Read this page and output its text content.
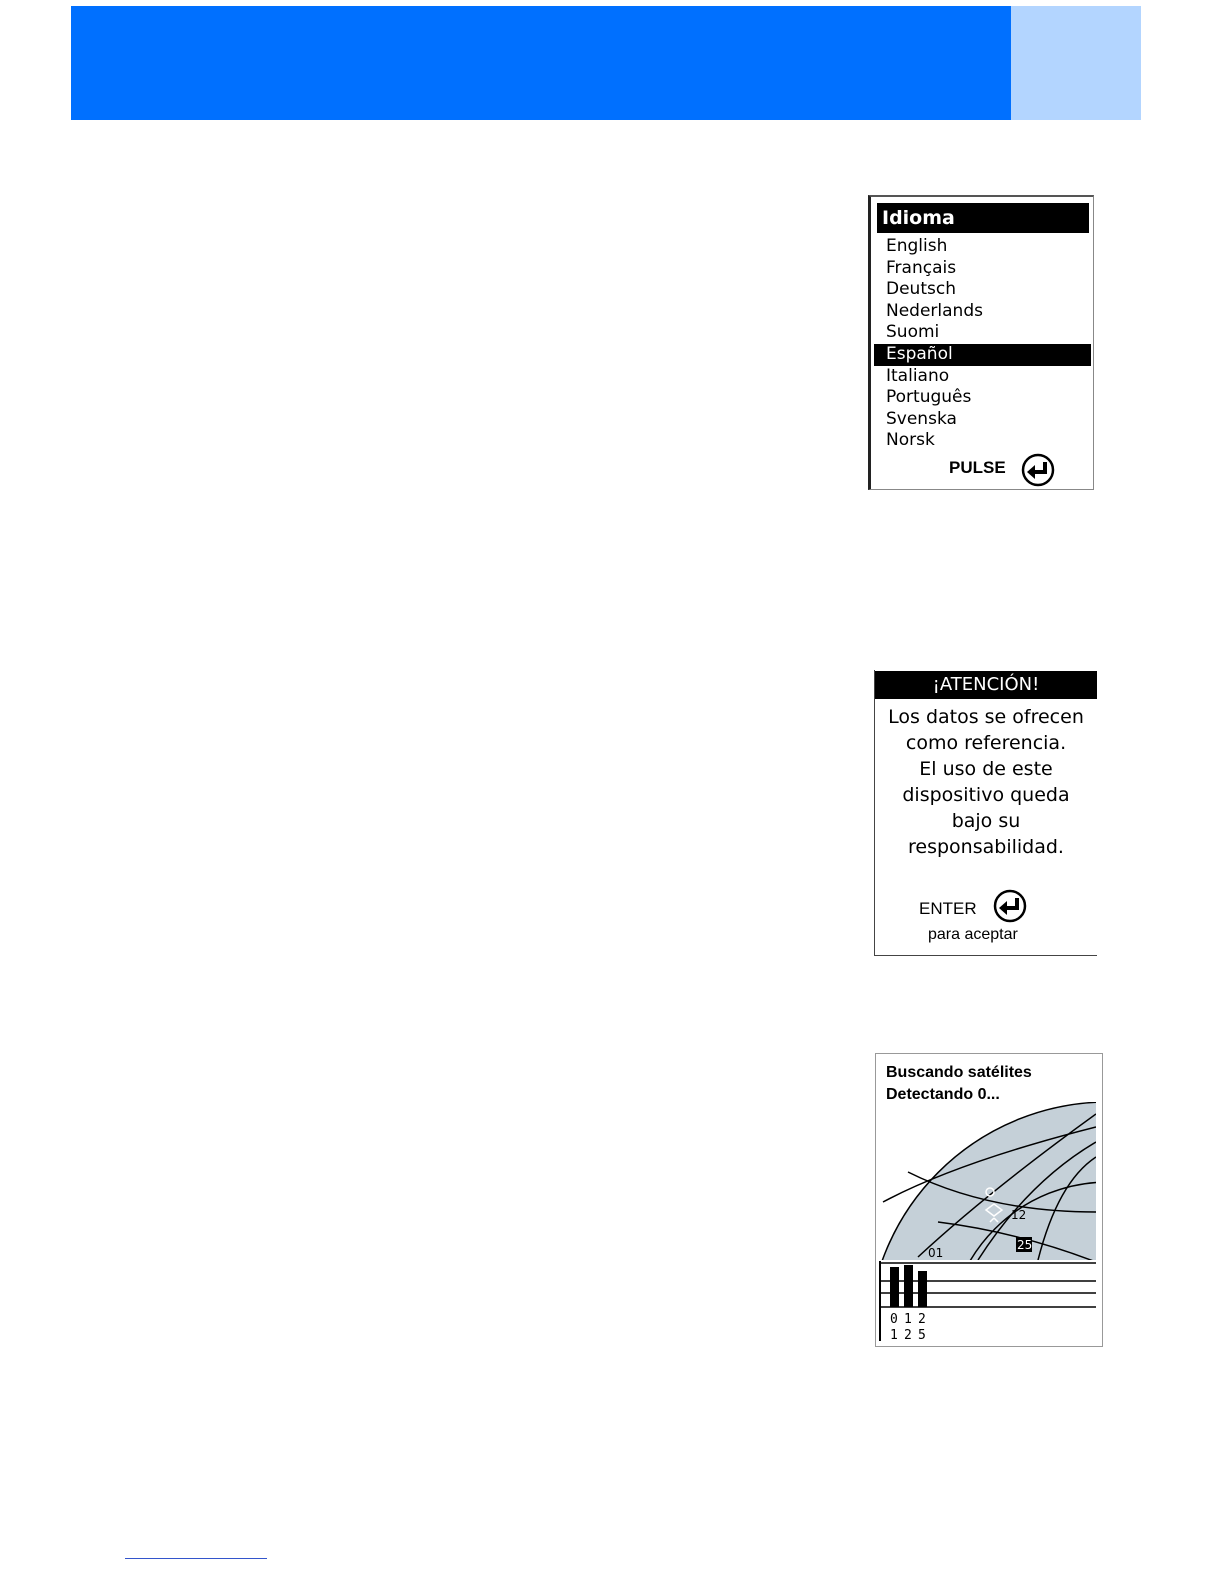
Idioma
English
Français
Deutsch
Nederlands
Suomi
Español
Italiano
Português
Svenska
Norsk
PULSE
¡ATENCIÓN!
Los datos se ofrecen
como referencia.
El uso de este
dispositivo queda
bajo su
responsabilidad.
ENTER
para aceptar
Buscando satélites
Detectando 0...
12
25
01
0 1 2
1 2 5
